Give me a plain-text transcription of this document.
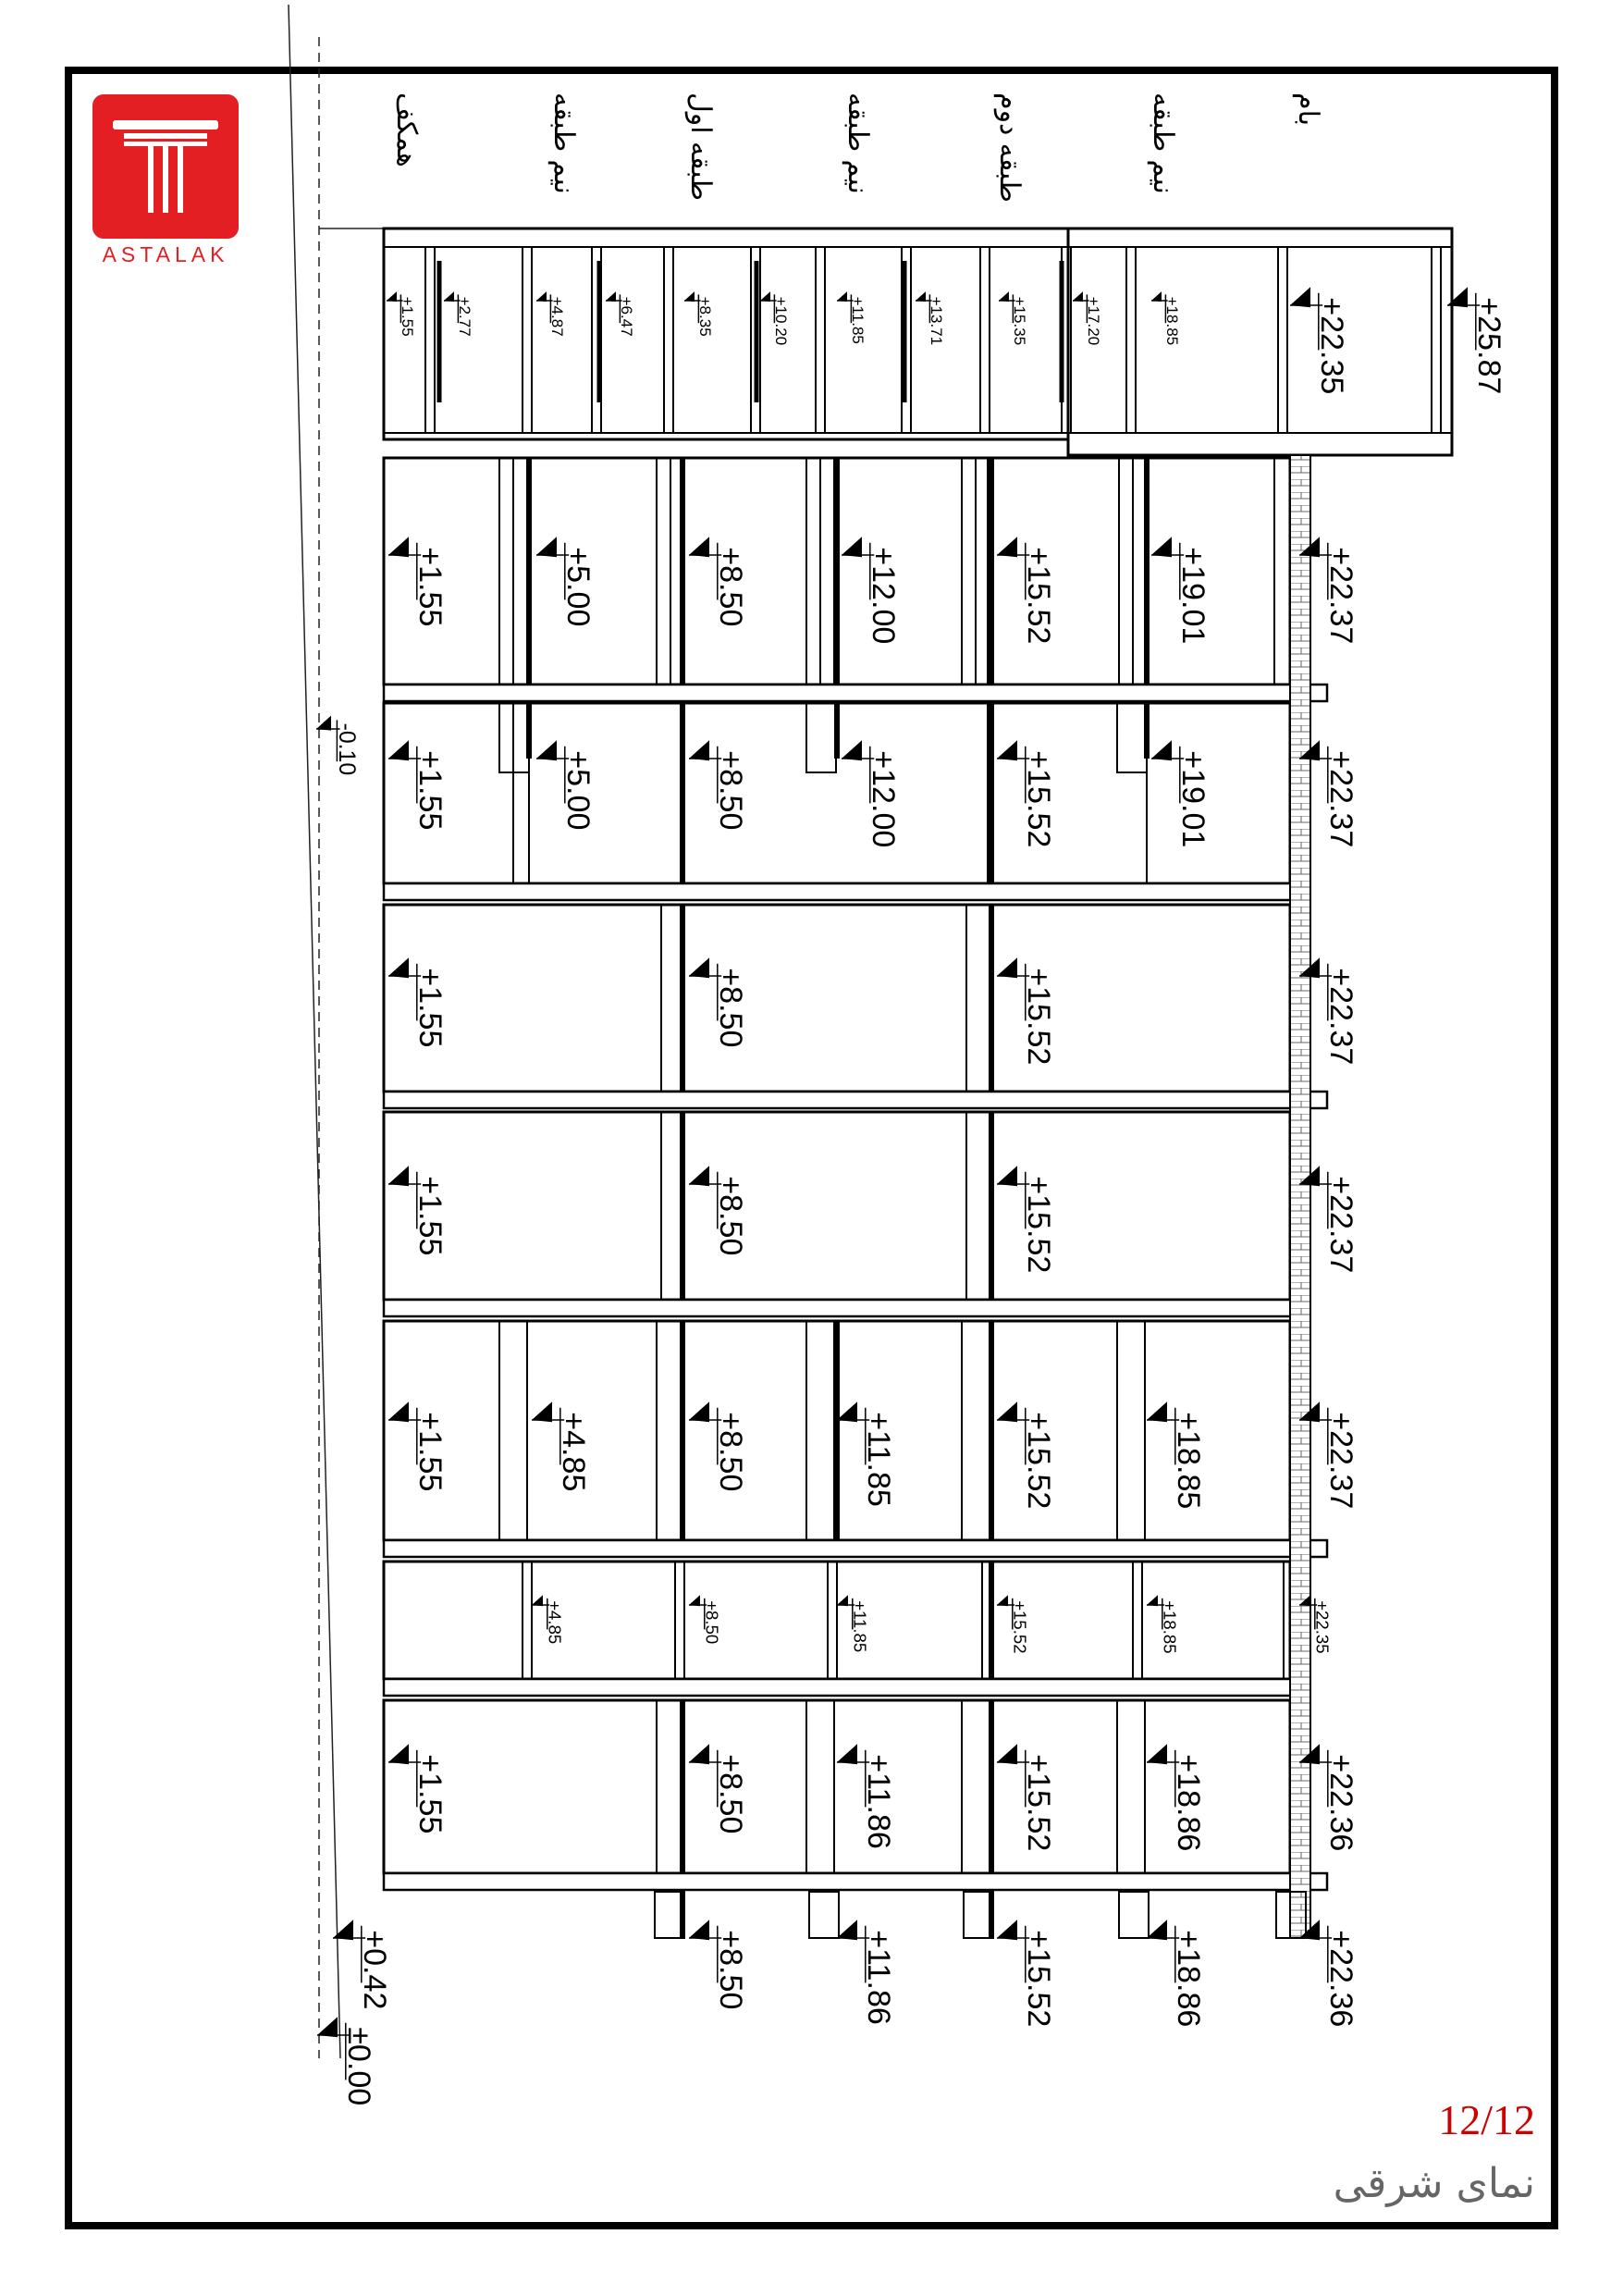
ASTALAK
همکف	نیم طبقه	طبقه اول	نیم طبقه	طبقه دوم	نیم طبقه	بام
+1.55	+2.77	+4.87	+6.47	+8.35	+10.20	+11.85	+13.71	+15.35	+17.20	+18.85	+22.35	+25.87
+1.55	+5.00	+8.50	+12.00	+15.52	+19.01	+22.37
+1.55	+5.00	+8.50	+12.00	+15.52	+19.01	+22.37
+1.55	+8.50	+15.52	+22.37
+1.55	+8.50	+15.52	+22.37
+1.55	+4.85	+8.50	+11.85	+15.52	+18.85	+22.37
+4.85	+8.50	+11.85	+15.52	+18.85	+22.35
+1.55	+8.50	+11.86	+15.52	+18.86	+22.36
+8.50	+11.86	+15.52	+18.86	+22.36
-0.10
+0.42
±0.00
12/12
نمای شرقی
